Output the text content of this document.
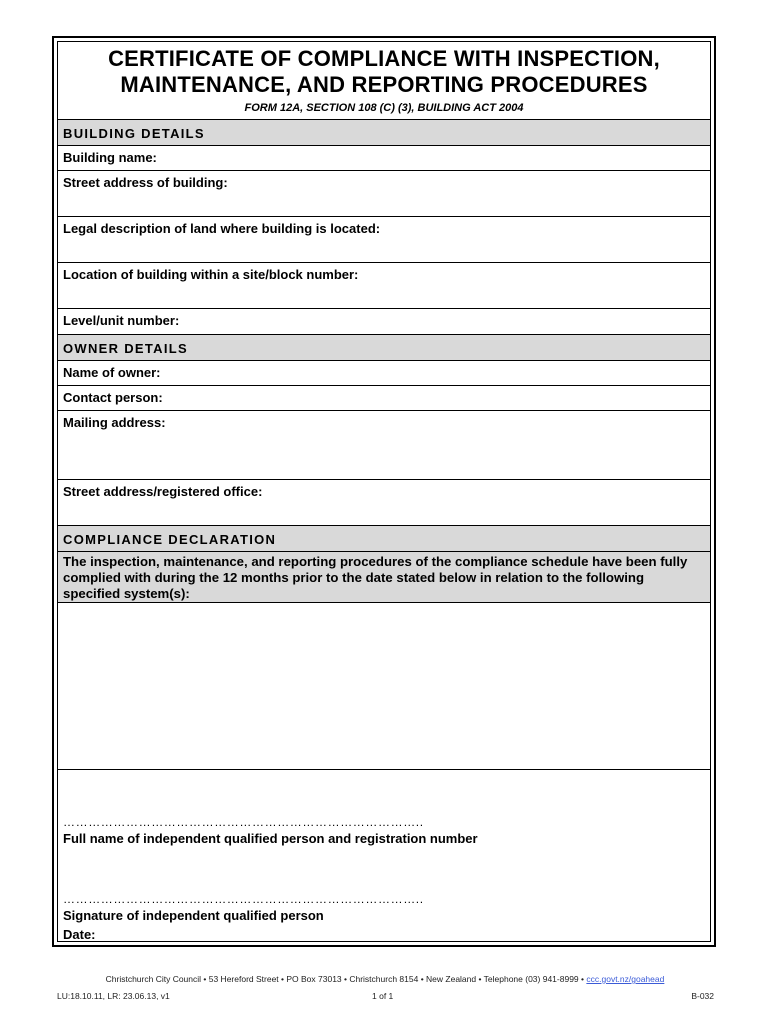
CERTIFICATE OF COMPLIANCE WITH INSPECTION,
MAINTENANCE, AND REPORTING PROCEDURES
FORM 12A, SECTION 108 (C) (3), BUILDING ACT 2004
BUILDING DETAILS
Building name:
Street address of building:
Legal description of land where building is located:
Location of building within a site/block number:
Level/unit number:
OWNER DETAILS
Name of owner:
Contact person:
Mailing address:
Street address/registered office:
COMPLIANCE DECLARATION
The inspection, maintenance, and reporting procedures of the compliance schedule have been fully complied with during the 12 months prior to the date stated below in relation to the following specified system(s):
…………………………………………………………………………..
Full name of independent qualified person and registration number
…………………………………………………………………………..
Signature of independent qualified person
Date:
Christchurch City Council • 53 Hereford Street • PO Box 73013 • Christchurch 8154 • New Zealand • Telephone (03) 941-8999 • ccc.govt.nz/goahead
LU:18.10.11, LR: 23.06.13, v1	1 of 1	B-032
